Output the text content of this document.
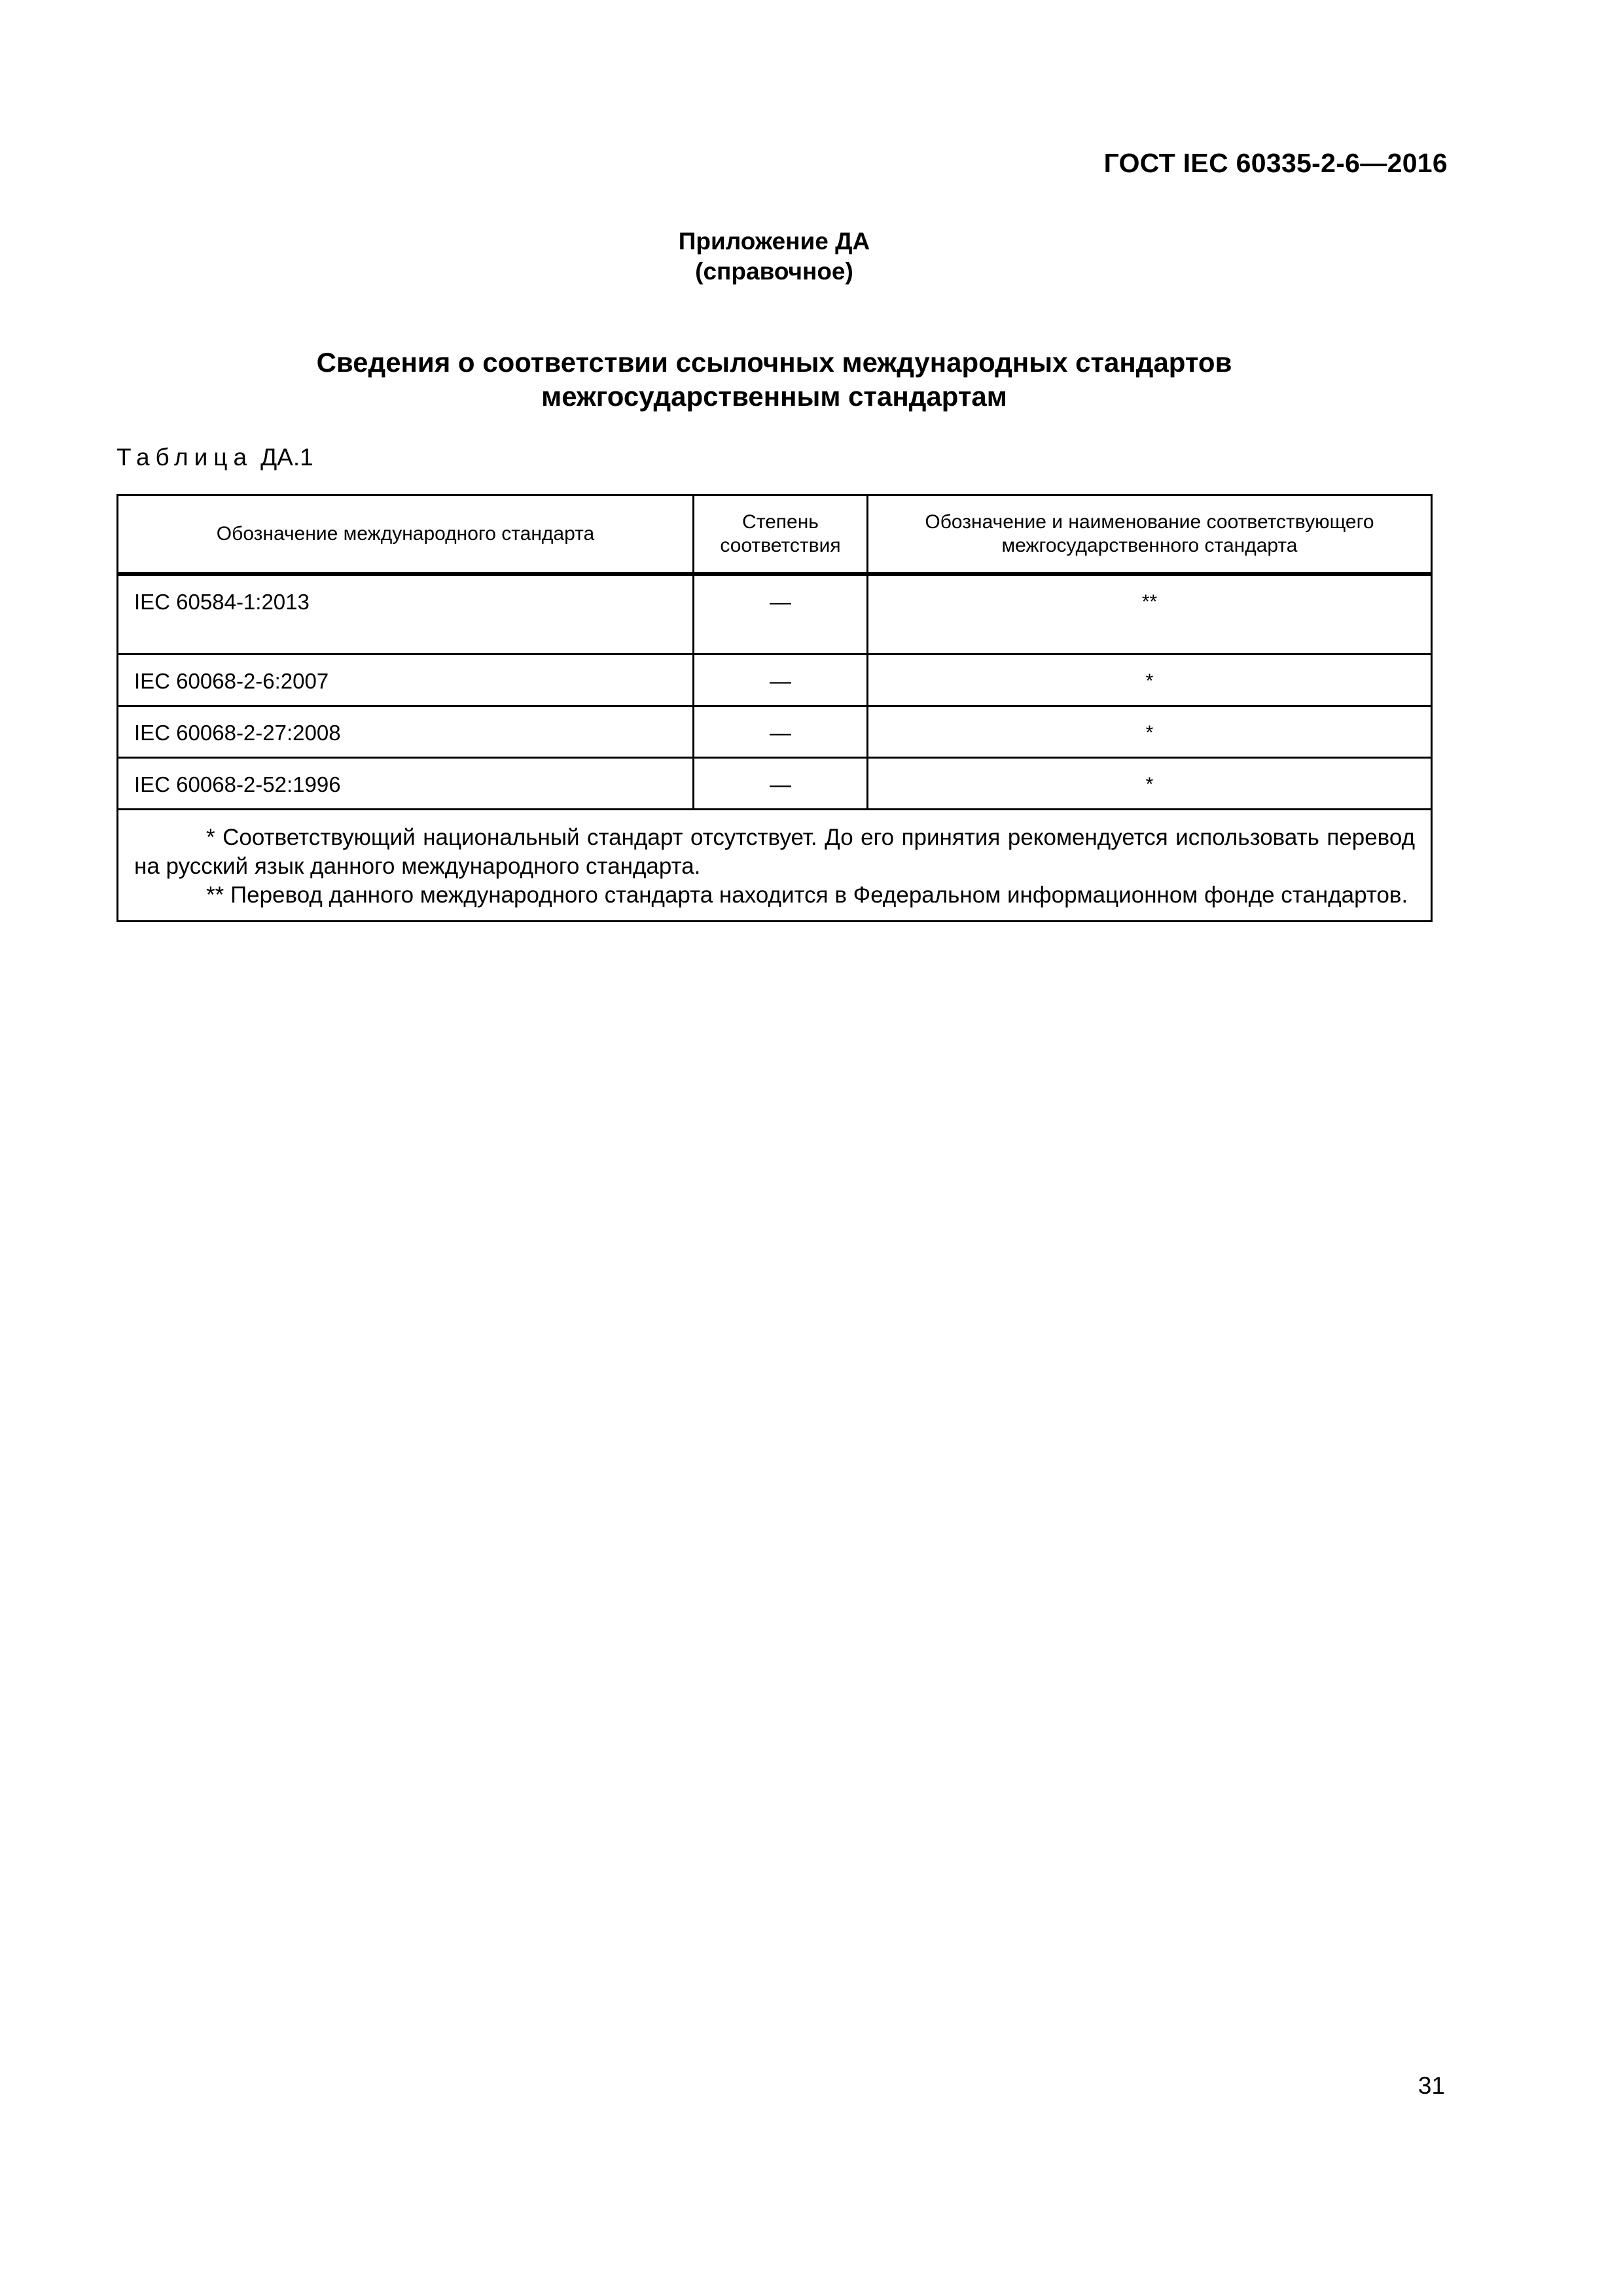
ГОСТ IEC 60335-2-6—2016
Приложение ДА
(справочное)
Сведения о соответствии ссылочных международных стандартов
межгосударственным стандартам
Таблица ДА.1
Обозначение международного стандарта	Степень соответствия	Обозначение и наименование соответствующего межгосударственного стандарта
IEC 60584-1:2013	—	**
IEC 60068-2-6:2007	—	*
IEC 60068-2-27:2008	—	*
IEC 60068-2-52:1996	—	*

* Соответствующий национальный стандарт отсутствует. До его принятия рекомендуется использовать перевод на русский язык данного международного стандарта.
** Перевод данного международного стандарта находится в Федеральном информационном фонде стандартов.		
31
